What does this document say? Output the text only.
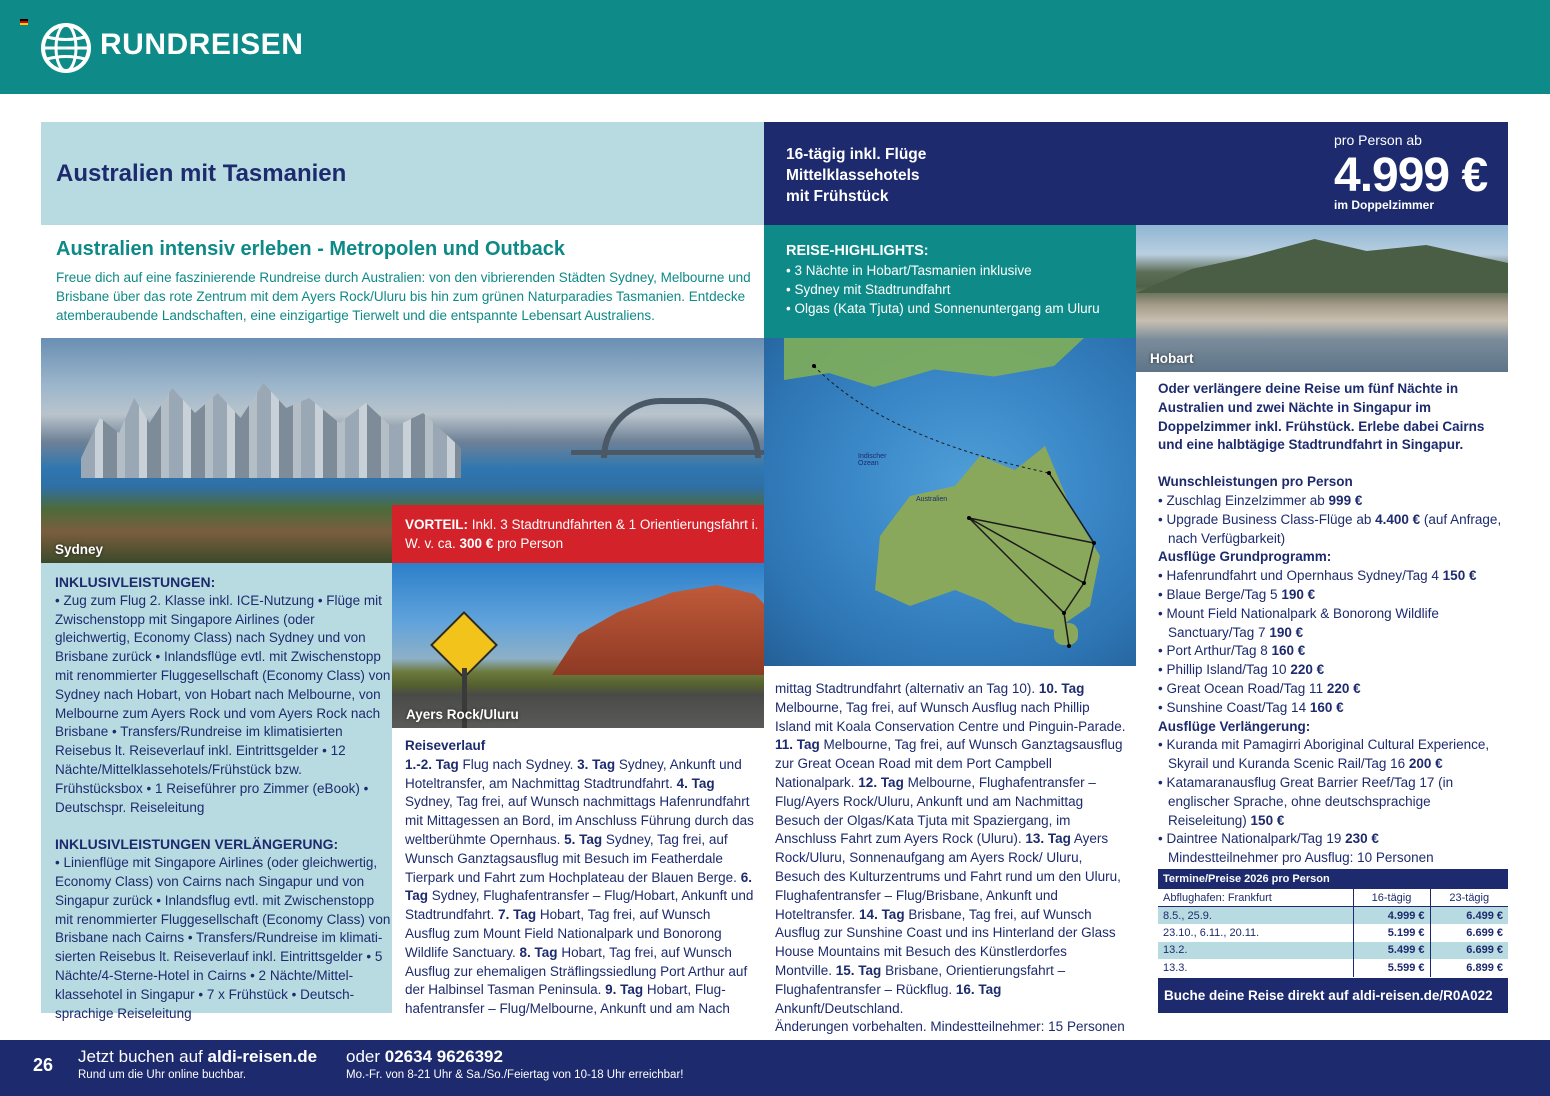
RUNDREISEN
Australien mit Tasmanien
16-tägig inkl. Flüge
Mittelklassehotels
mit Frühstück
pro Person ab
4.999 €
im Doppelzimmer
Australien intensiv erleben - Metropolen und Outback
Freue dich auf eine faszinierende Rundreise durch Australien: von den vibrierenden Städten Sydney, Melbourne und Brisbane über das rote Zentrum mit dem Ayers Rock/Uluru bis hin zum grünen Naturparadies Tasmanien. Entdecke atemberaubende Landschaften, eine einzigartige Tierwelt und die entspannte Lebensart Australiens.
REISE-HIGHLIGHTS:
• 3 Nächte in Hobart/Tasmanien inklusive
• Sydney mit Stadtrundfahrt
• Olgas (Kata Tjuta) und Sonnenuntergang am Uluru
Sydney
VORTEIL: Inkl. 3 Stadtrundfahrten & 1 Orientierungsfahrt i. W. v. ca. 300 € pro Person
Ayers Rock/Uluru
Indischer Ozean
Australien
Hobart
INKLUSIVLEISTUNGEN:
• Zug zum Flug 2. Klasse inkl. ICE-Nutzung • Flüge mit Zwischenstopp mit Singapore Airlines (oder gleichwertig, Economy Class) nach Sydney und von Brisbane zurück • Inlandsflüge evtl. mit Zwischenstopp mit renommierter Fluggesellschaft (Economy Class) von Sydney nach Hobart, von Hobart nach Melbourne, von Melbourne zum Ayers Rock und vom Ayers Rock nach Brisbane • Transfers/Rundreise im klimatisierten Reisebus lt. Reiseverlauf inkl. Eintrittsgelder • 12 Nächte/Mittelklassehotels/Frühstück bzw. Frühstücksbox • 1 Reiseführer pro Zimmer (eBook) • Deutschspr. Reiseleitung
INKLUSIVLEISTUNGEN VERLÄNGERUNG:
• Linienflüge mit Singapore Airlines (oder gleichwertig, Economy Class) von Cairns nach Singapur und von Singapur zurück • Inlandsflug evtl. mit Zwischenstopp mit renommierter Fluggesellschaft (Economy Class) von Brisbane nach Cairns • Transfers/Rundreise im klimatisierten Reisebus lt. Reiseverlauf inkl. Eintrittsgelder • 5 Nächte/4-Sterne-Hotel in Cairns • 2 Nächte/Mittelklassehotel in Singapur • 7 x Frühstück • Deutschsprachige Reiseleitung
Reiseverlauf
1.-2. Tag Flug nach Sydney. 3. Tag Sydney, Ankunft und Hoteltransfer, am Nachmittag Stadtrundfahrt. 4. Tag Sydney, Tag frei, auf Wunsch nachmittags Hafenrundfahrt mit Mittagessen an Bord, im Anschluss Führung durch das weltberühmte Opernhaus. 5. Tag Sydney, Tag frei, auf Wunsch Ganztagsausflug mit Besuch im Featherdale Tierpark und Fahrt zum Hochplateau der Blauen Berge. 6. Tag Sydney, Flughafentransfer – Flug/Hobart, Ankunft und Stadtrundfahrt. 7. Tag Hobart, Tag frei, auf Wunsch Ausflug zum Mount Field Nationalpark und Bonorong Wildlife Sanctuary. 8. Tag Hobart, Tag frei, auf Wunsch Ausflug zur ehemaligen Sträflingssiedlung Port Arthur auf der Halbinsel Tasman Peninsula. 9. Tag Hobart, Flughafentransfer – Flug/Melbourne, Ankunft und am Nach
mittag Stadtrundfahrt (alternativ an Tag 10). 10. Tag Melbourne, Tag frei, auf Wunsch Ausflug nach Phillip Island mit Koala Conservation Centre und Pinguin-Parade. 11. Tag Melbourne, Tag frei, auf Wunsch Ganztagsausflug zur Great Ocean Road mit dem Port Campbell Nationalpark. 12. Tag Melbourne, Flughafentransfer – Flug/Ayers Rock/Uluru, Ankunft und am Nachmittag Besuch der Olgas/Kata Tjuta mit Spaziergang, im Anschluss Fahrt zum Ayers Rock (Uluru). 13. Tag Ayers Rock/Uluru, Sonnenaufgang am Ayers Rock/ Uluru, Besuch des Kulturzentrums und Fahrt rund um den Uluru, Flughafentransfer – Flug/Brisbane, Ankunft und Hoteltransfer. 14. Tag Brisbane, Tag frei, auf Wunsch Ausflug zur Sunshine Coast und ins Hinterland der Glass House Mountains mit Besuch des Künstlerdorfes Montville. 15. Tag Brisbane, Orientierungsfahrt – Flughafentransfer – Rückflug. 16. Tag Ankunft/Deutschland.
Änderungen vorbehalten. Mindestteilnehmer: 15 Personen
Oder verlängere deine Reise um fünf Nächte in Australien und zwei Nächte in Singapur im Doppelzimmer inkl. Frühstück. Erlebe dabei Cairns und eine halbtägige Stadtrundfahrt in Singapur.
Wunschleistungen pro Person
• Zuschlag Einzelzimmer ab 999 €
• Upgrade Business Class-Flüge ab 4.400 € (auf Anfrage, nach Verfügbarkeit)
Ausflüge Grundprogramm:
• Hafenrundfahrt und Opernhaus Sydney/Tag 4 150 €
• Blaue Berge/Tag 5 190 €
• Mount Field Nationalpark & Bonorong Wildlife Sanctuary/Tag 7 190 €
• Port Arthur/Tag 8 160 €
• Phillip Island/Tag 10 220 €
• Great Ocean Road/Tag 11 220 €
• Sunshine Coast/Tag 14 160 €
Ausflüge Verlängerung:
• Kuranda mit Pamagirri Aboriginal Cultural Experience, Skyrail und Kuranda Scenic Rail/Tag 16 200 €
• Katamaranausflug Great Barrier Reef/Tag 17 (in englischer Sprache, ohne deutschsprachige Reiseleitung) 150 €
• Daintree Nationalpark/Tag 19 230 €
Mindestteilnehmer pro Ausflug: 10 Personen
Termine/Preise 2026 pro Person		
Abflughafen: Frankfurt	16-tägig	23-tägig
8.5., 25.9.	4.999 €	6.499 €
23.10., 6.11., 20.11.	5.199 €	6.699 €
13.2.	5.499 €	6.699 €
13.3.	5.599 €	6.899 €
Buche deine Reise direkt auf aldi-reisen.de/R0A022
26 Jetzt buchen auf aldi-reisen.de
Rund um die Uhr online buchbar.
oder 02634 9626392
Mo.-Fr. von 8-21 Uhr & Sa./So./Feiertag von 10-18 Uhr erreichbar!
